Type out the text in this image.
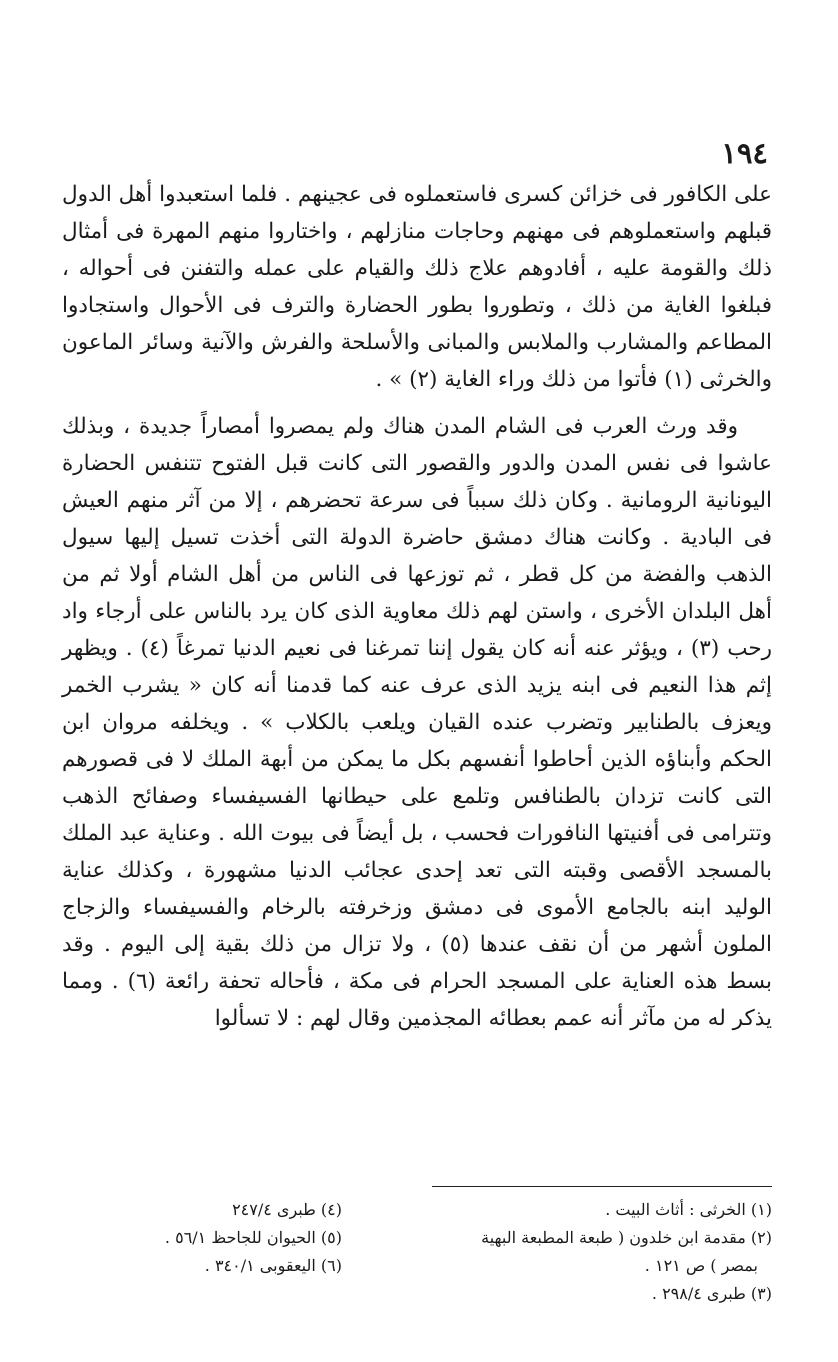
١٩٤

على الكافور فى خزائن كسرى فاستعملوه فى عجينهم . فلما استعبدوا أهل الدول قبلهم واستعملوهم فى مهنهم وحاجات منازلهم ، واختاروا منهم المهرة فى أمثال ذلك والقومة عليه ، أفادوهم علاج ذلك والقيام على عمله والتفنن فى أحواله ، فبلغوا الغاية من ذلك ، وتطوروا بطور الحضارة والترف فى الأحوال واستجادوا المطاعم والمشارب والملابس والمبانى والأسلحة والفرش والآنية وسائر الماعون والخرثى (١) فأتوا من ذلك وراء الغاية (٢) » .

وقد ورث العرب فى الشام المدن هناك ولم يمصروا أمصاراً جديدة ، وبذلك عاشوا فى نفس المدن والدور والقصور التى كانت قبل الفتوح تتنفس الحضارة اليونانية الرومانية . وكان ذلك سبباً فى سرعة تحضرهم ، إلا من آثر منهم العيش فى البادية . وكانت هناك دمشق حاضرة الدولة التى أخذت تسيل إليها سيول الذهب والفضة من كل قطر ، ثم توزعها فى الناس من أهل الشام أولا ثم من أهل البلدان الأخرى ، واستن لهم ذلك معاوية الذى كان يرد بالناس على أرجاء واد رحب (٣) ، ويؤثر عنه أنه كان يقول إننا تمرغنا فى نعيم الدنيا تمرغاً (٤) . ويظهر إثم هذا النعيم فى ابنه يزيد الذى عرف عنه كما قدمنا أنه كان « يشرب الخمر ويعزف بالطنابير وتضرب عنده القيان ويلعب بالكلاب » . ويخلفه مروان ابن الحكم وأبناؤه الذين أحاطوا أنفسهم بكل ما يمكن من أبهة الملك لا فى قصورهم التى كانت تزدان بالطنافس وتلمع على حيطانها الفسيفساء وصفائح الذهب وتترامى فى أفنيتها النافورات فحسب ، بل أيضاً فى بيوت الله . وعناية عبد الملك بالمسجد الأقصى وقبته التى تعد إحدى عجائب الدنيا مشهورة ، وكذلك عناية الوليد ابنه بالجامع الأموى فى دمشق وزخرفته بالرخام والفسيفساء والزجاج الملون أشهر من أن نقف عندها (٥) ، ولا تزال من ذلك بقية إلى اليوم . وقد بسط هذه العناية على المسجد الحرام فى مكة ، فأحاله تحفة رائعة (٦) . ومما يذكر له من مآثر أنه عمم بعطائه المجذمين وقال لهم : لا تسألوا

(١) الخرثى : أثاث البيت .
(٢) مقدمة ابن خلدون ( طبعة المطبعة البهية
بمصر ) ص ١٢١ .
(٣) طبرى ٢٩٨/٤ .
(٤) طبرى ٢٤٧/٤
(٥) الحيوان للجاحظ ٥٦/١ .
(٦) اليعقوبى ٣٤٠/١ .
